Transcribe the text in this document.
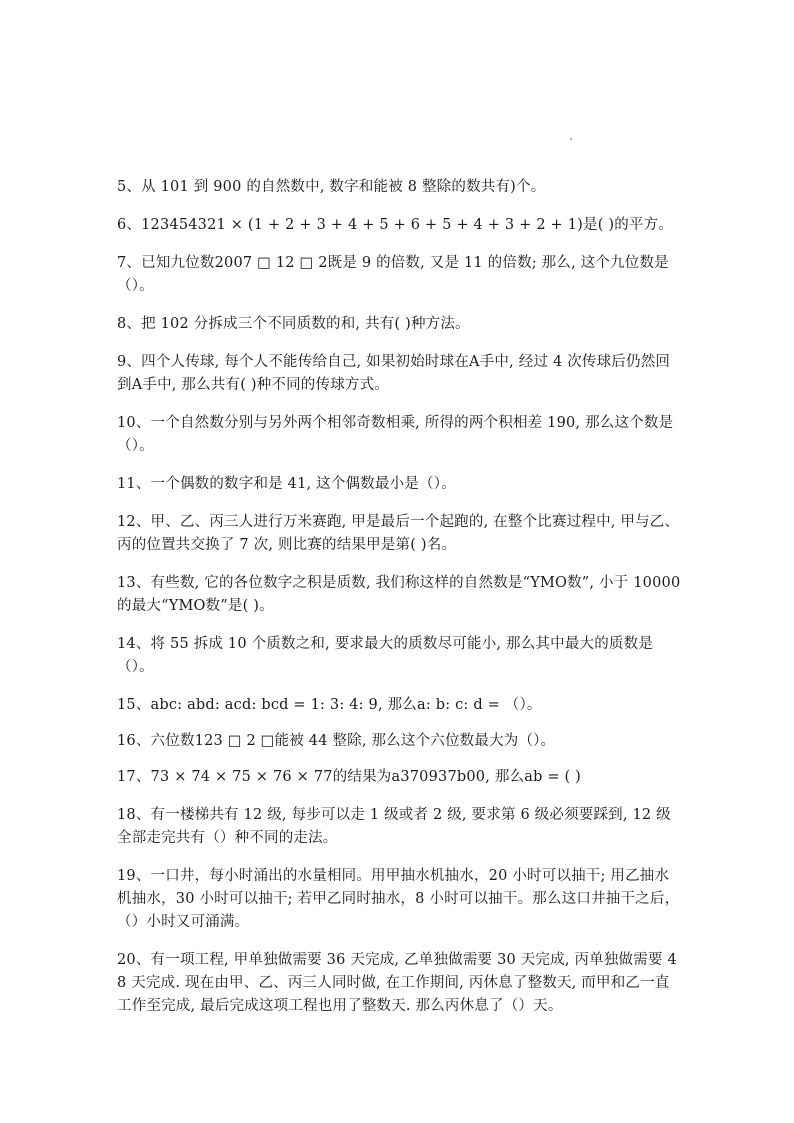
5、从 101 到 900 的自然数中, 数字和能被 8 整除的数共有)个。

6、123454321 × (1 + 2 + 3 + 4 + 5 + 6 + 5 + 4 + 3 + 2 + 1)是( )的平方。

7、已知九位数2007 □ 12 □ 2既是 9 的倍数, 又是 11 的倍数; 那么, 这个九位数是（）。

8、把 102 分拆成三个不同质数的和, 共有( )种方法。

9、四个人传球, 每个人不能传给自己, 如果初始时球在A手中, 经过 4 次传球后仍然回到A手中, 那么共有( )种不同的传球方式。

10、一个自然数分别与另外两个相邻奇数相乘, 所得的两个积相差 190, 那么这个数是（）。

11、一个偶数的数字和是 41, 这个偶数最小是（）。

12、甲、乙、丙三人进行万米赛跑, 甲是最后一个起跑的, 在整个比赛过程中, 甲与乙、丙的位置共交换了 7 次, 则比赛的结果甲是第( )名。

13、有些数, 它的各位数字之积是质数, 我们称这样的自然数是“YMO数”, 小于 10000 的最大“YMO数”是( )。

14、将 55 拆成 10 个质数之和, 要求最大的质数尽可能小, 那么其中最大的质数是（）。

15、abc: abd: acd: bcd = 1: 3: 4: 9, 那么a: b: c: d = （）。

16、六位数123 □ 2 □能被 44 整除, 那么这个六位数最大为（）。

17、73 × 74 × 75 × 76 × 77的结果为a370937b00, 那么ab = ( )

18、有一楼梯共有 12 级, 每步可以走 1 级或者 2 级, 要求第 6 级必须要踩到, 12 级全部走完共有（）种不同的走法。

19、一口井，每小时涌出的水量相同。用甲抽水机抽水，20 小时可以抽干; 用乙抽水机抽水，30 小时可以抽干; 若甲乙同时抽水，8 小时可以抽干。那么这口井抽干之后，（）小时又可涌满。

20、有一项工程, 甲单独做需要 36 天完成, 乙单独做需要 30 天完成, 丙单独做需要 48 天完成. 现在由甲、乙、丙三人同时做, 在工作期间, 丙休息了整数天, 而甲和乙一直工作至完成, 最后完成这项工程也用了整数天. 那么丙休息了（）天。
